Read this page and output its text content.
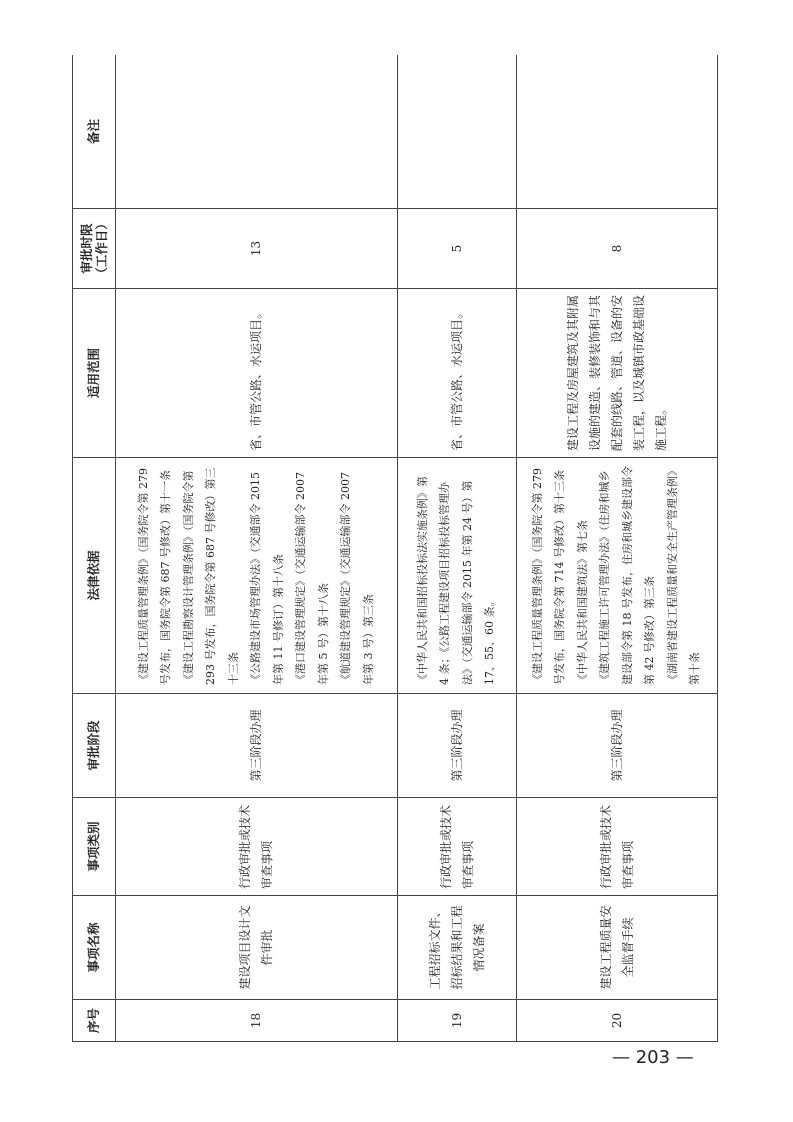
序号	事项名称	事项类别	审批阶段	法律依据	适用范围	审批时限 （工作日）	备注
18	建设项目设计文件审批	行政审批或技术审查事项	第三阶段办理	《建设工程质量管理条例》（国务院令第 279 号发布，国务院令第 687 号修改）第十一条 《建设工程勘察设计管理条例》（国务院令第 293 号发布，国务院令第 687 号修改）第三十三条 《公路建设市场管理办法》（交通部令 2015 年第 11 号修订）第十八条 《港口建设管理规定》（交通运输部令 2007 年第 5 号）第十八条 《航道建设管理规定》（交通运输部令 2007 年第 3 号）第三条	省、市管公路、水运项目。	13	
19	工程招标文件、招标结果和工程情况备案	行政审批或技术审查事项	第三阶段办理	《中华人民共和国招标投标法实施条例》第 4 条；《公路工程建设项目招标投标管理办法》（交通运输部令 2015 年第 24 号）第 17、55、60 条。	省、市管公路、水运项目。	5	
20	建设工程质量安全监督手续	行政审批或技术审查事项	第三阶段办理	《建设工程质量管理条例》（国务院令第 279 号发布，国务院令第 714 号修改）第十三条 《中华人民共和国建筑法》第七条 《建筑工程施工许可管理办法》（住房和城乡建设部令第 18 号发布，住房和城乡建设部令第 42 号修改）第三条 《湖南省建设工程质量和安全生产管理条例》第十条	建设工程及房屋建筑及其附属设施的建造、装修装饰和与其配套的线路、管道、设备的安装工程，以及城镇市政基础设施工程。	8	
— 203 —
